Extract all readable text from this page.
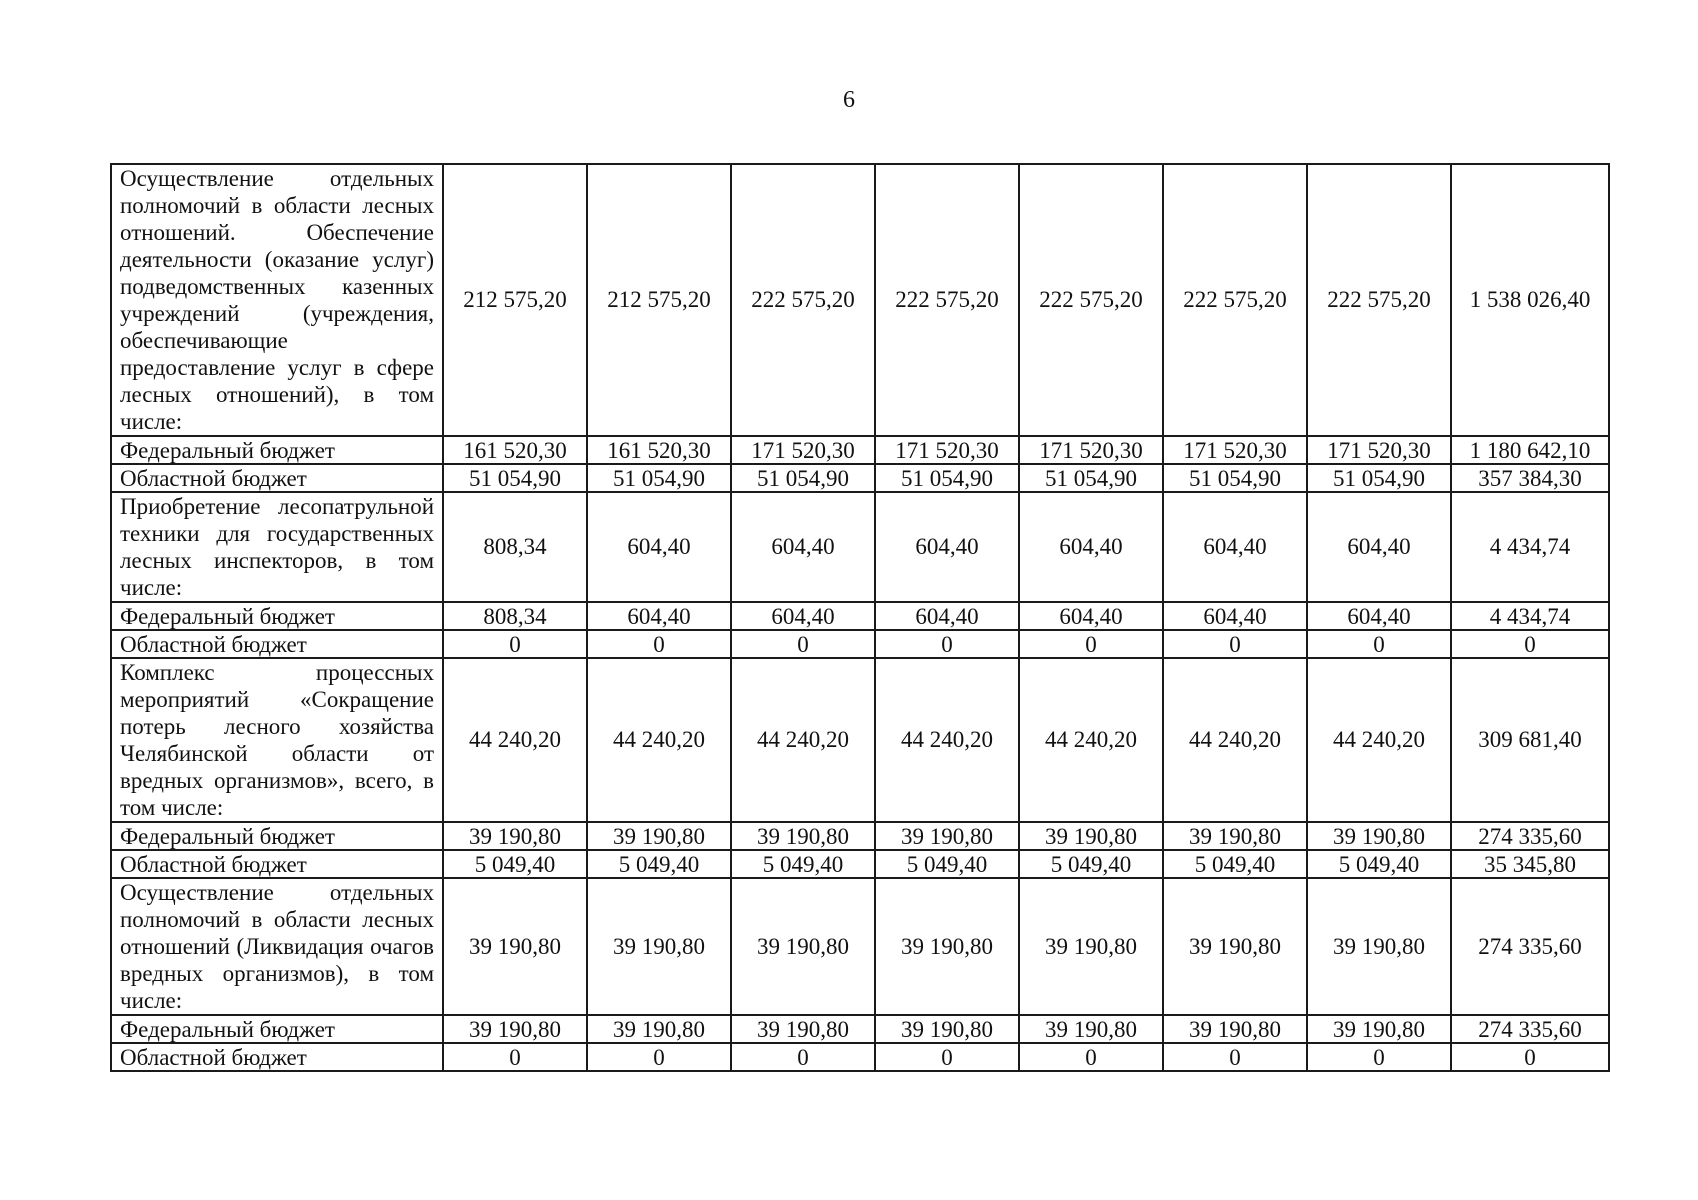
6
Осуществление отдельных полномочий в области лесных отношений. Обеспечение деятельности (оказание услуг) подведомственных казенных учреждений (учреждения, обеспечивающие предоставление услуг в сфере лесных отношений), в том числе:	212 575,20	212 575,20	222 575,20	222 575,20	222 575,20	222 575,20	222 575,20	1 538 026,40
Федеральный бюджет	161 520,30	161 520,30	171 520,30	171 520,30	171 520,30	171 520,30	171 520,30	1 180 642,10
Областной бюджет	51 054,90	51 054,90	51 054,90	51 054,90	51 054,90	51 054,90	51 054,90	357 384,30
Приобретение лесопатрульной техники для государственных лесных инспекторов, в том числе:	808,34	604,40	604,40	604,40	604,40	604,40	604,40	4 434,74
Федеральный бюджет	808,34	604,40	604,40	604,40	604,40	604,40	604,40	4 434,74
Областной бюджет	0	0	0	0	0	0	0	0
Комплекс процессных мероприятий «Сокращение потерь лесного хозяйства Челябинской области от вредных организмов», всего, в том числе:	44 240,20	44 240,20	44 240,20	44 240,20	44 240,20	44 240,20	44 240,20	309 681,40
Федеральный бюджет	39 190,80	39 190,80	39 190,80	39 190,80	39 190,80	39 190,80	39 190,80	274 335,60
Областной бюджет	5 049,40	5 049,40	5 049,40	5 049,40	5 049,40	5 049,40	5 049,40	35 345,80
Осуществление отдельных полномочий в области лесных отношений (Ликвидация очагов вредных организмов), в том числе:	39 190,80	39 190,80	39 190,80	39 190,80	39 190,80	39 190,80	39 190,80	274 335,60
Федеральный бюджет	39 190,80	39 190,80	39 190,80	39 190,80	39 190,80	39 190,80	39 190,80	274 335,60
Областной бюджет	0	0	0	0	0	0	0	0
